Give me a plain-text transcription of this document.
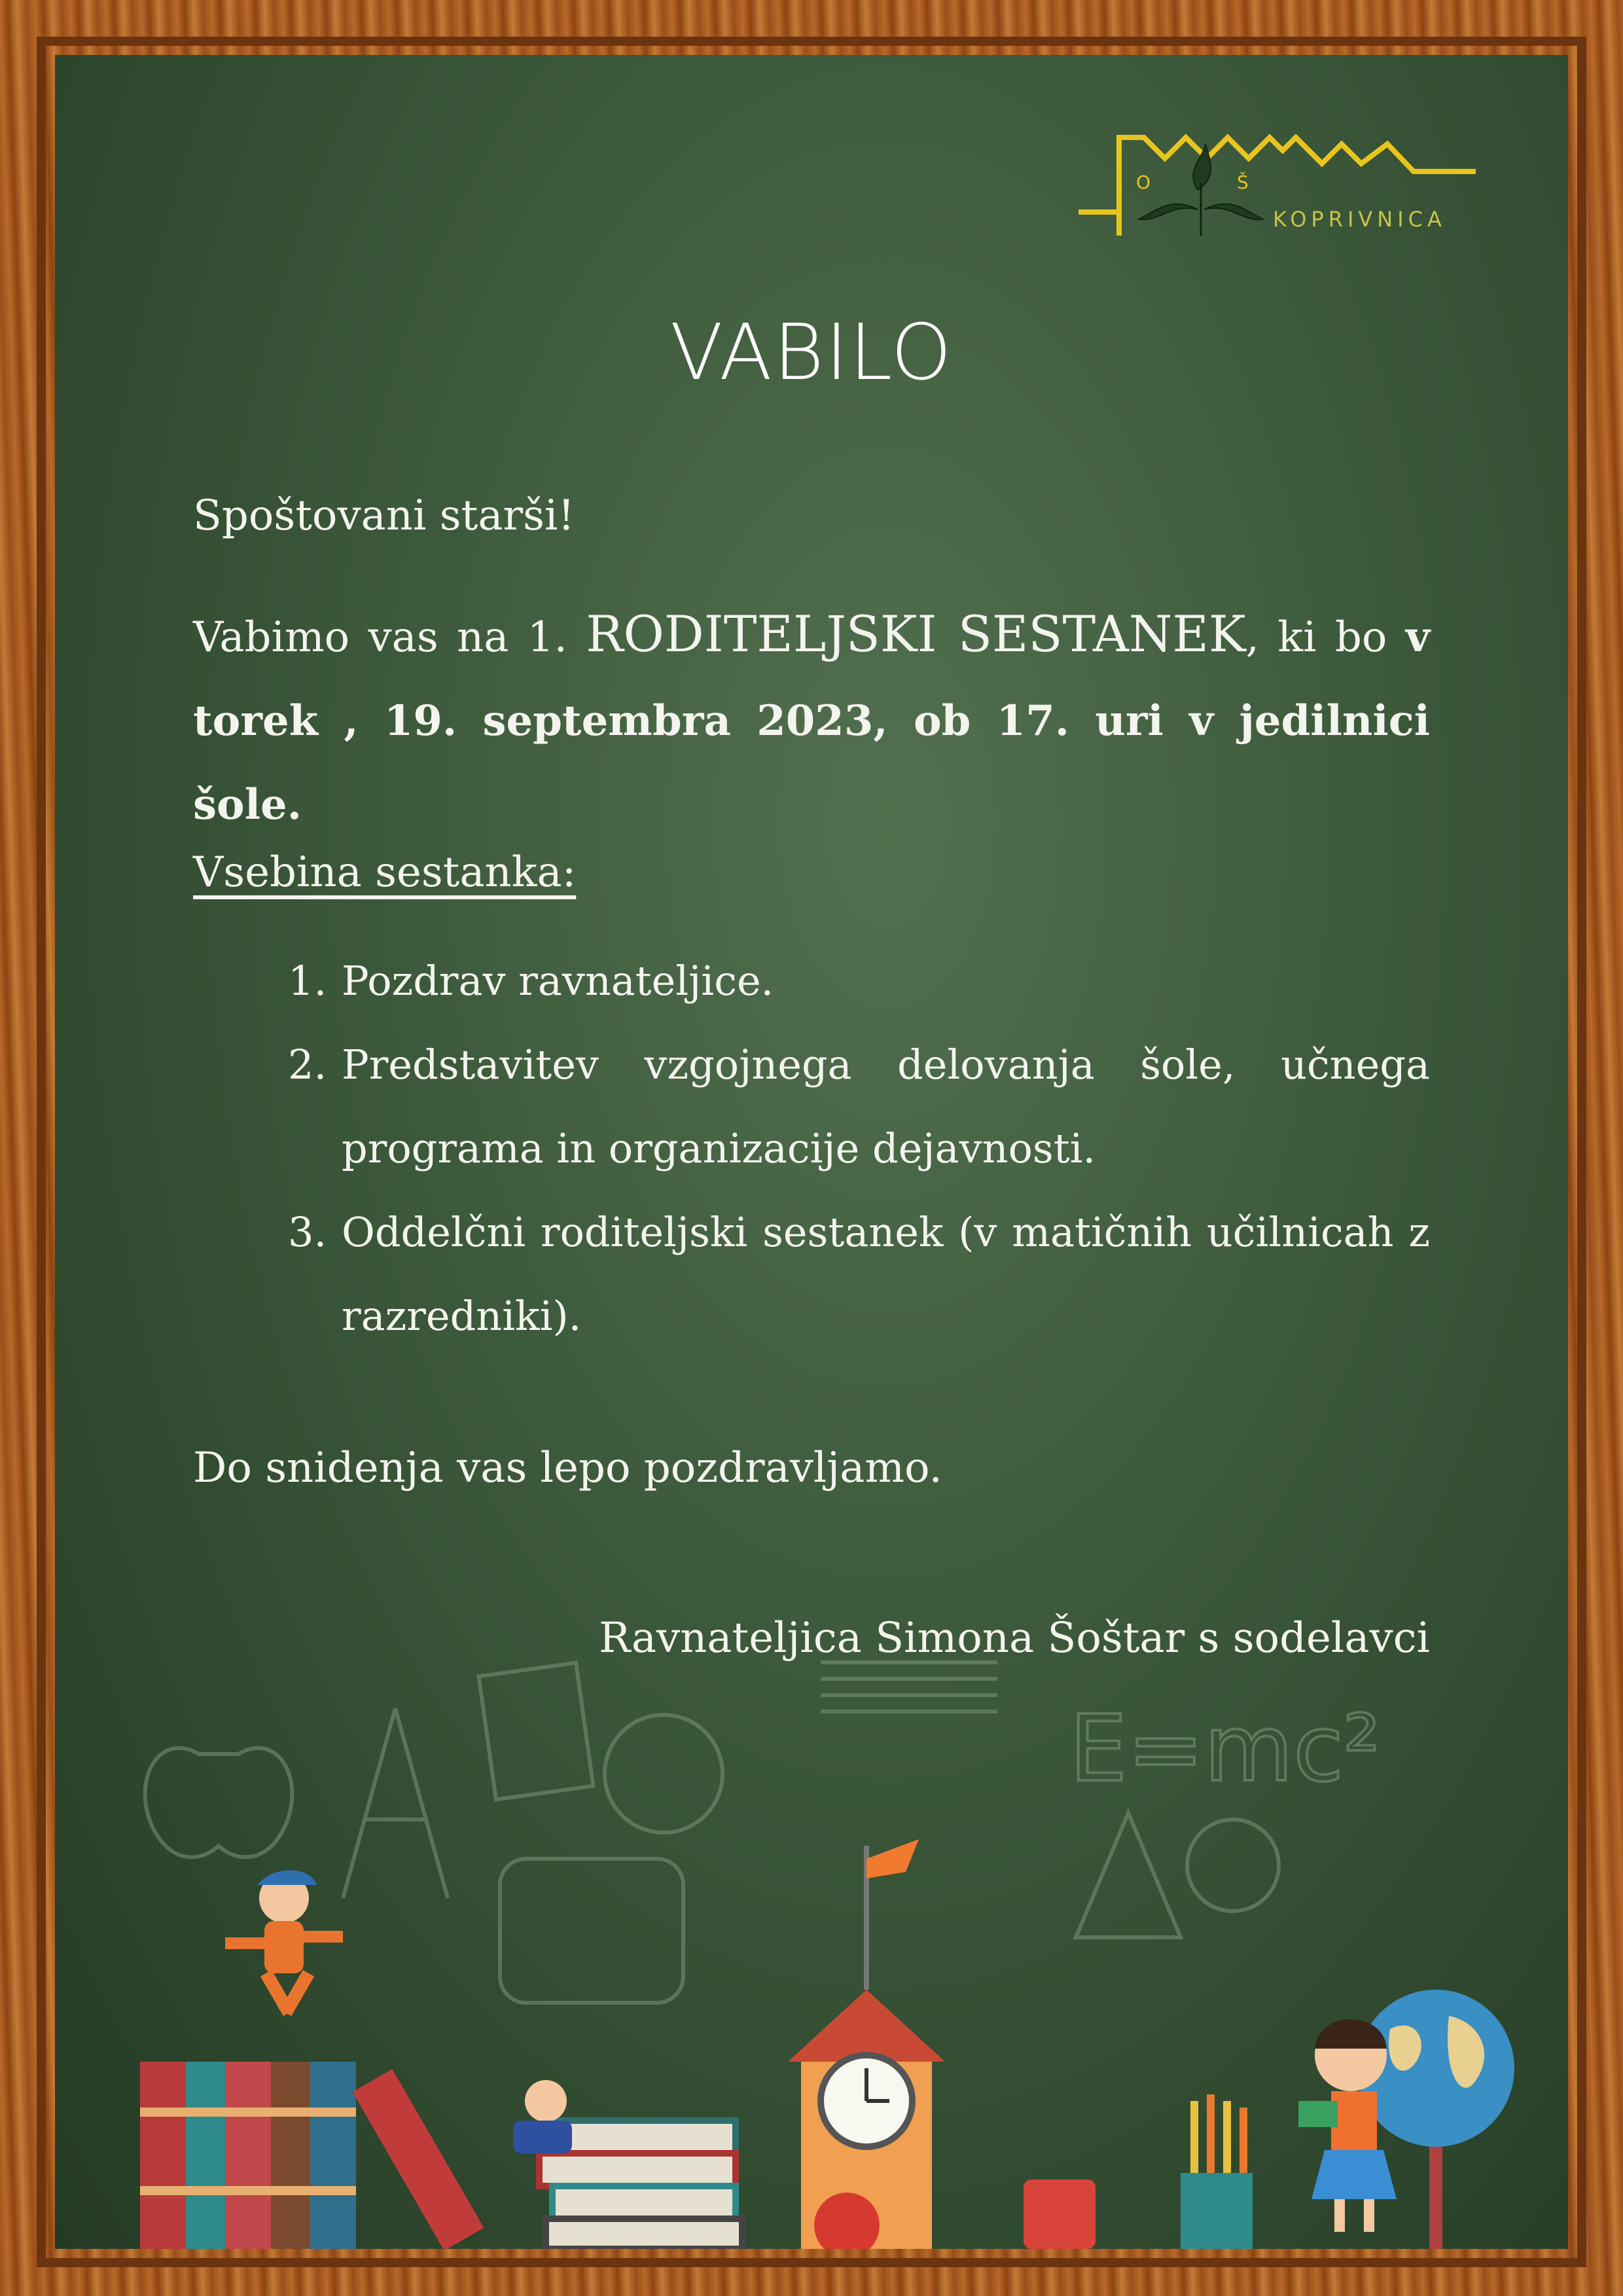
O	Š
KOPRIVNICA
VABILO
Spoštovani starši!
Vabimo vas na 1. RODITELJSKI SESTANEK, ki bo v torek , 19. septembra 2023, ob 17. uri v jedilnici šole.
Vsebina sestanka:
1. Pozdrav ravnateljice.
2. Predstavitev vzgojnega delovanja šole, učnega programa in organizacije dejavnosti.
3. Oddelčni roditeljski sestanek (v matičnih učilnicah z razredniki).
Do snidenja vas lepo pozdravljamo.
Ravnateljica Simona Šoštar s sodelavci
E=mc²
